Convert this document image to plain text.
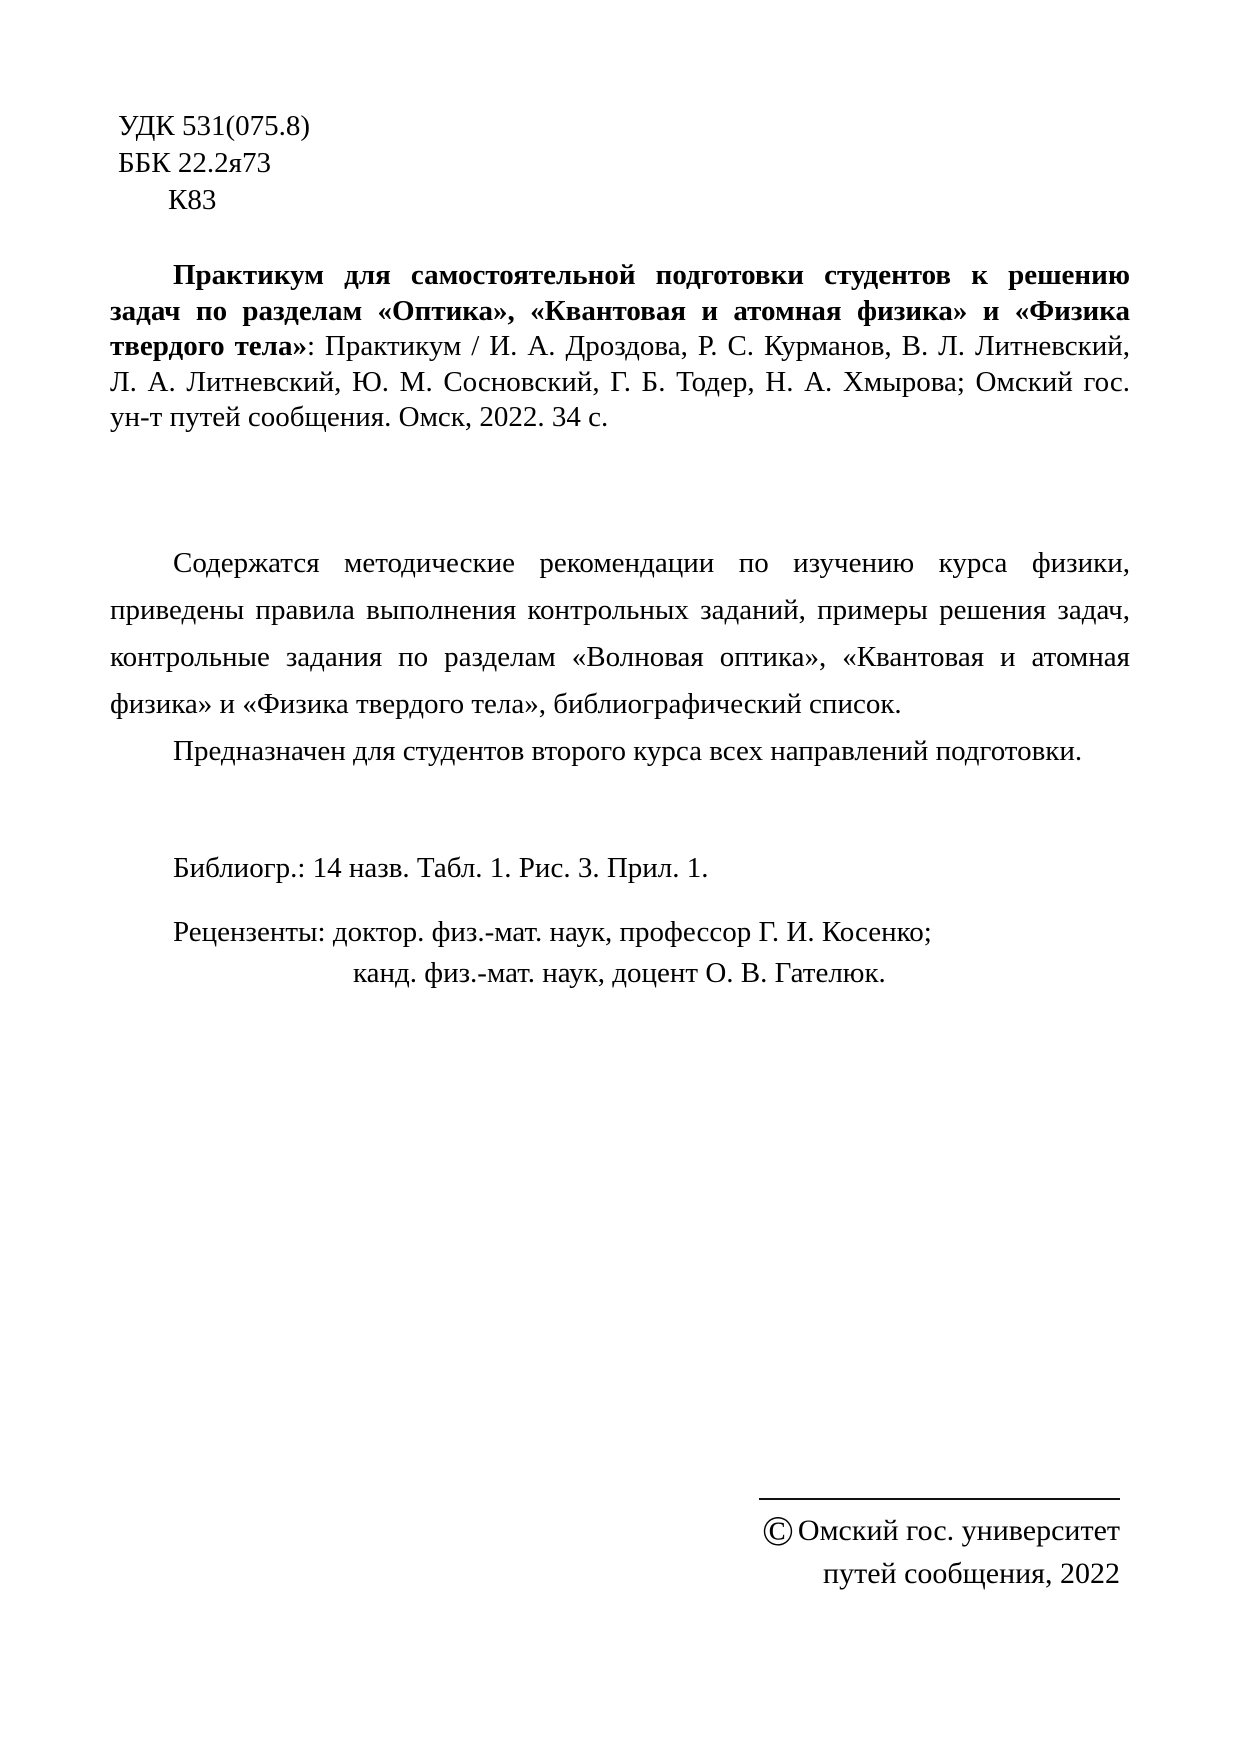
УДК 531(075.8)
ББК 22.2я73
К83

Практикум для самостоятельной подготовки студентов к решению задач по разделам «Оптика», «Квантовая и атомная физика» и «Физика твердого тела»: Практикум / И. А. Дроздова, Р. С. Курманов, В. Л. Литневский, Л. А. Литневский, Ю. М. Сосновский, Г. Б. Тодер, Н. А. Хмырова; Омский гос. ун-т путей сообщения. Омск, 2022. 34 с.

Содержатся методические рекомендации по изучению курса физики, приведены правила выполнения контрольных заданий, примеры решения задач, контрольные задания по разделам «Волновая оптика», «Квантовая и атомная физика» и «Физика твердого тела», библиографический список.

Предназначен для студентов второго курса всех направлений подготовки.

Библиогр.: 14 назв. Табл. 1. Рис. 3. Прил. 1.

Рецензенты: доктор. физ.-мат. наук, профессор Г. И. Косенко;
канд. физ.-мат. наук, доцент О. В. Гателюк.
© Омский гос. университет
путей сообщения, 2022
